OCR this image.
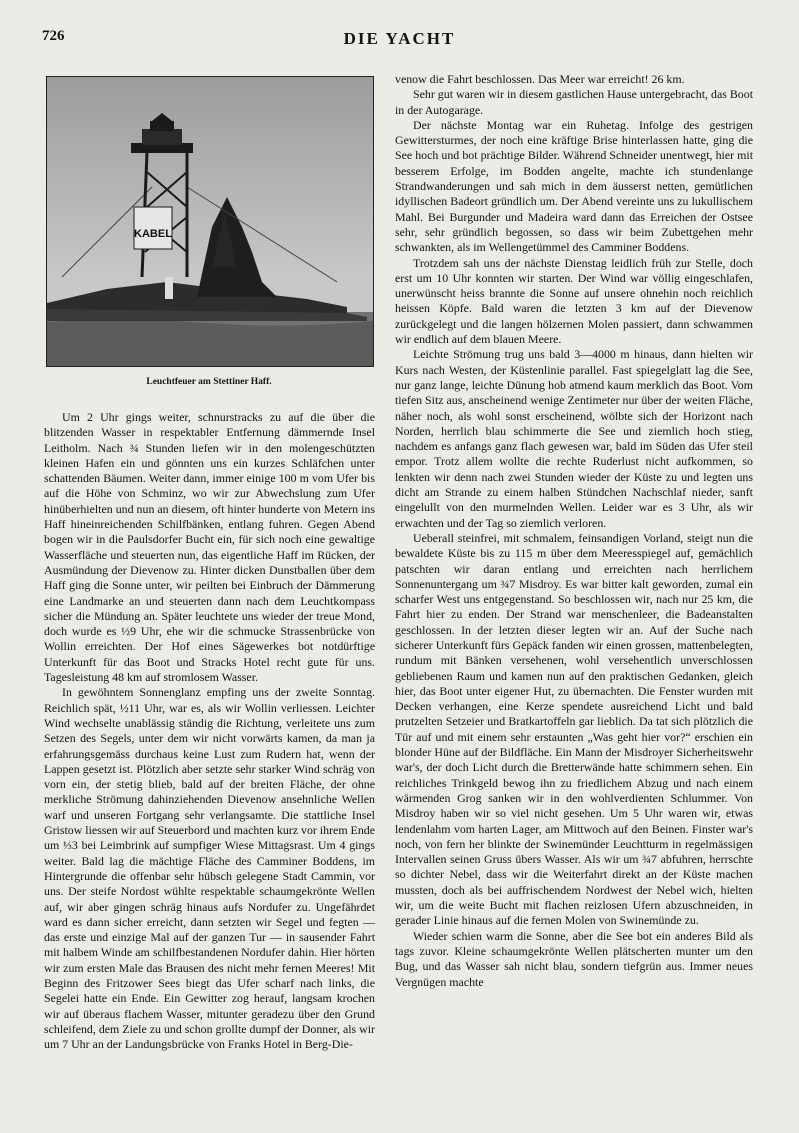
726	DIE YACHT
KABEL
Leuchtfeuer am Stettiner Haff.

Um 2 Uhr gings weiter, schnurstracks zu auf die über die blitzenden Wasser in respektabler Entfernung dämmernde Insel Leitholm. Nach ¾ Stunden liefen wir in den molengeschützten kleinen Hafen ein und gönnten uns ein kurzes Schläfchen unter schattenden Bäumen. Weiter dann, immer einige 100 m vom Ufer bis auf die Höhe von Schminz, wo wir zur Abwechslung zum Ufer hinüberhielten und nun an diesem, oft hinter hunderte von Metern ins Haff hineinreichenden Schilfbänken, entlang fuhren. Gegen Abend bogen wir in die Paulsdorfer Bucht ein, für sich noch eine gewaltige Wasserfläche und steuerten nun, das eigentliche Haff im Rücken, der Ausmündung der Dievenow zu. Hinter dicken Dunstballen über dem Haff ging die Sonne unter, wir peilten bei Einbruch der Dämmerung eine Landmarke an und steuerten dann nach dem Leuchtkompass sicher die Mündung an. Später leuchtete uns wieder der treue Mond, doch wurde es ½9 Uhr, ehe wir die schmucke Strassenbrücke von Wollin erreichten. Der Hof eines Sägewerkes bot notdürftige Unterkunft für das Boot und Stracks Hotel recht gute für uns. Tagesleistung 48 km auf stromlosem Wasser.

In gewöhntem Sonnenglanz empfing uns der zweite Sonntag. Reichlich spät, ½11 Uhr, war es, als wir Wollin verliessen. Leichter Wind wechselte unablässig ständig die Richtung, verleitete uns zum Setzen des Segels, unter dem wir nicht vorwärts kamen, da man ja erfahrungsgemäss durchaus keine Lust zum Rudern hat, wenn der Lappen gesetzt ist. Plötzlich aber setzte sehr starker Wind schräg von vorn ein, der stetig blieb, bald auf der breiten Fläche, der ohne merkliche Strömung dahinziehenden Dievenow ansehnliche Wellen warf und unseren Fortgang sehr verlangsamte. Die stattliche Insel Gristow liessen wir auf Steuerbord und machten kurz vor ihrem Ende um ⅓3 bei Leimbrink auf sumpfiger Wiese Mittagsrast. Um 4 gings weiter. Bald lag die mächtige Fläche des Camminer Boddens, im Hintergrunde die offenbar sehr hübsch gelegene Stadt Cammin, vor uns. Der steife Nordost wühlte respektable schaumgekrönte Wellen auf, wir aber gingen schräg hinaus aufs Nordufer zu. Ungefährdet ward es dann sicher erreicht, dann setzten wir Segel und fegten — das erste und einzige Mal auf der ganzen Tur — in sausender Fahrt mit halbem Winde am schilfbestandenen Nordufer dahin. Hier hörten wir zum ersten Male das Brausen des nicht mehr fernen Meeres! Mit Beginn des Fritzower Sees biegt das Ufer scharf nach links, die Segelei hatte ein Ende. Ein Gewitter zog herauf, langsam krochen wir auf überaus flachem Wasser, mitunter geradezu über den Grund schleifend, dem Ziele zu und schon grollte dumpf der Donner, als wir um 7 Uhr an der Landungsbrücke von Franks Hotel in Berg-Die-

venow die Fahrt beschlossen. Das Meer war erreicht! 26 km.

Sehr gut waren wir in diesem gastlichen Hause untergebracht, das Boot in der Autogarage.

Der nächste Montag war ein Ruhetag. Infolge des gestrigen Gewittersturmes, der noch eine kräftige Brise hinterlassen hatte, ging die See hoch und bot prächtige Bilder. Während Schneider unentwegt, hier mit besserem Erfolge, im Bodden angelte, machte ich stundenlange Strandwanderungen und sah mich in dem äusserst netten, gemütlichen idyllischen Badeort gründlich um. Der Abend vereinte uns zu lukullischem Mahl. Bei Burgunder und Madeira ward dann das Erreichen der Ostsee sehr, sehr gründlich begossen, so dass wir beim Zubettgehen mehr schwankten, als im Wellengetümmel des Camminer Boddens.

Trotzdem sah uns der nächste Dienstag leidlich früh zur Stelle, doch erst um 10 Uhr konnten wir starten. Der Wind war völlig eingeschlafen, unerwünscht heiss brannte die Sonne auf unsere ohnehin noch reichlich heissen Köpfe. Bald waren die letzten 3 km auf der Dievenow zurückgelegt und die langen hölzernen Molen passiert, dann schwammen wir endlich auf dem blauen Meere.

Leichte Strömung trug uns bald 3—4000 m hinaus, dann hielten wir Kurs nach Westen, der Küstenlinie parallel. Fast spiegelglatt lag die See, nur ganz lange, leichte Dünung hob atmend kaum merklich das Boot. Vom tiefen Sitz aus, anscheinend wenige Zentimeter nur über der weiten Fläche, näher noch, als wohl sonst erscheinend, wölbte sich der Horizont nach Norden, herrlich blau schimmerte die See und ziemlich hoch stieg, nachdem es anfangs ganz flach gewesen war, bald im Süden das Ufer steil empor. Trotz allem wollte die rechte Ruderlust nicht aufkommen, so lenkten wir denn nach zwei Stunden wieder der Küste zu und legten uns dicht am Strande zu einem halben Stündchen Nachschlaf nieder, sanft eingelullt von den murmelnden Wellen. Leider war es 3 Uhr, als wir erwachten und der Tag so ziemlich verloren.

Ueberall steinfrei, mit schmalem, feinsandigen Vorland, steigt nun die bewaldete Küste bis zu 115 m über dem Meeresspiegel auf, gemächlich patschten wir daran entlang und erreichten nach herrlichem Sonnenuntergang um ¾7 Misdroy. Es war bitter kalt geworden, zumal ein scharfer West uns entgegenstand. So beschlossen wir, nach nur 25 km, die Fahrt hier zu enden. Der Strand war menschenleer, die Badeanstalten geschlossen. In der letzten dieser legten wir an. Auf der Suche nach sicherer Unterkunft fürs Gepäck fanden wir einen grossen, mattenbelegten, rundum mit Bänken versehenen, wohl versehentlich unverschlossen gebliebenen Raum und kamen nun auf den praktischen Gedanken, gleich hier, das Boot unter eigener Hut, zu übernachten. Die Fenster wurden mit Decken verhangen, eine Kerze spendete ausreichend Licht und bald prutzelten Setzeier und Bratkartoffeln gar lieblich. Da tat sich plötzlich die Tür auf und mit einem sehr erstaunten „Was geht hier vor?“ erschien ein blonder Hüne auf der Bildfläche. Ein Mann der Misdroyer Sicherheitswehr war's, der doch Licht durch die Bretterwände hatte schimmern sehen. Ein reichliches Trinkgeld bewog ihn zu friedlichem Abzug und nach einem wärmenden Grog sanken wir in den wohlverdienten Schlummer. Von Misdroy haben wir so viel nicht gesehen. Um 5 Uhr waren wir, etwas lendenlahm vom harten Lager, am Mittwoch auf den Beinen. Finster war's noch, von fern her blinkte der Swinemünder Leuchtturm in regelmässigen Intervallen seinen Gruss übers Wasser. Als wir um ¾7 abfuhren, herrschte so dichter Nebel, dass wir die Weiterfahrt direkt an der Küste machen mussten, doch als bei auffrischendem Nordwest der Nebel wich, hielten wir, um die weite Bucht mit flachen reizlosen Ufern abzuschneiden, in gerader Linie hinaus auf die fernen Molen von Swinemünde zu.

Wieder schien warm die Sonne, aber die See bot ein anderes Bild als tags zuvor. Kleine schaumgekrönte Wellen plätscherten munter um den Bug, und das Wasser sah nicht blau, sondern tiefgrün aus. Immer neues Vergnügen machte
